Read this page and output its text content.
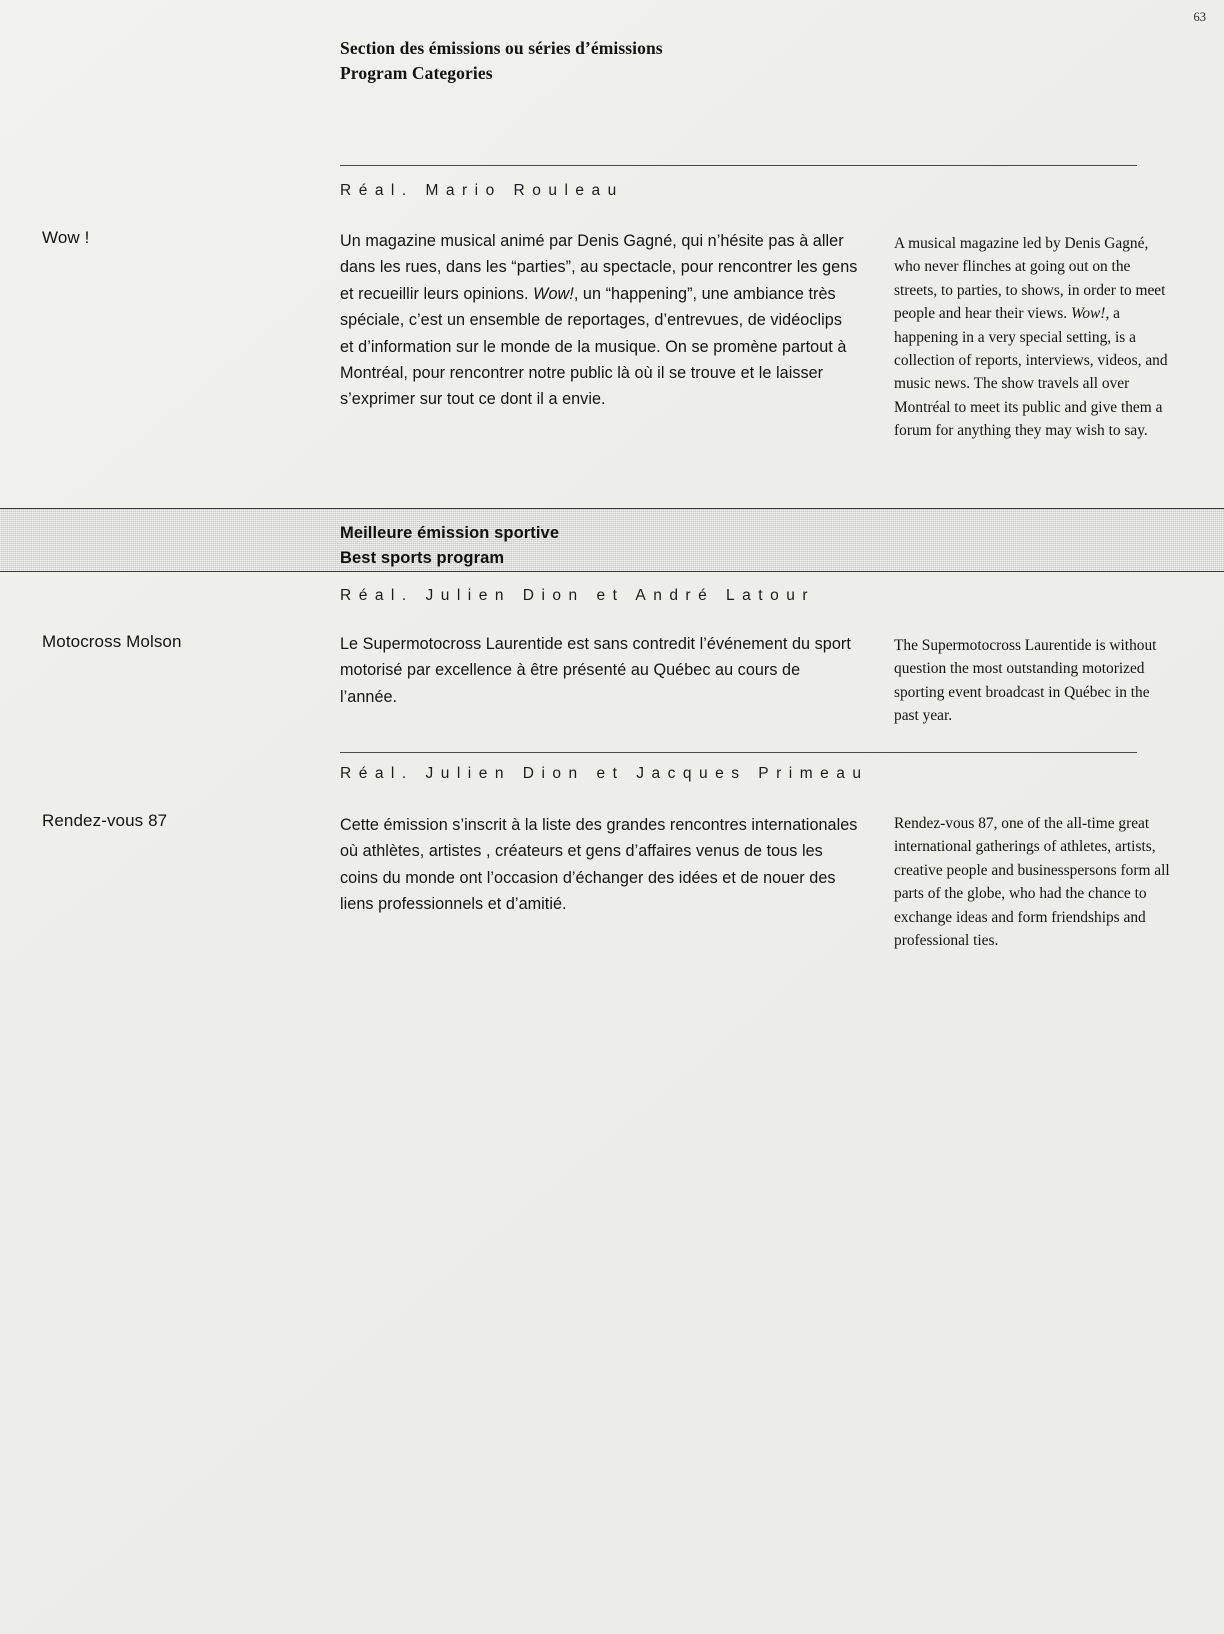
Section des émissions ou séries d’émissions
Program Categories
63
Wow !
Réal. Mario Rouleau
Un magazine musical animé par Denis Gagné, qui n’hésite pas à aller dans les rues, dans les “parties”, au spectacle, pour rencontrer les gens et recueillir leurs opinions. Wow!, un “happening”, une ambiance très spéciale, c’est un ensemble de reportages, d’entrevues, de vidéoclips et d’information sur le monde de la musique. On se promène partout à Montréal, pour rencontrer notre public là où il se trouve et le laisser s’exprimer sur tout ce dont il a envie.
A musical magazine led by Denis Gagné, who never flinches at going out on the streets, to parties, to shows, in order to meet people and hear their views. Wow!, a happening in a very special setting, is a collection of reports, interviews, videos, and music news. The show travels all over Montréal to meet its public and give them a forum for anything they may wish to say.
Meilleure émission sportive
Best sports program
Réal. Julien Dion et André Latour
Motocross Molson	Le Supermotocross Laurentide est sans contredit l’événement du sport motorisé par excellence à être présenté au Québec au cours de l’année.
The Supermotocross Laurentide is without question the most outstanding motorized sporting event broadcast in Québec in the past year.
Réal. Julien Dion et Jacques Primeau
Rendez-vous 87	Cette émission s’inscrit à la liste des grandes rencontres internationales où athlètes, artistes , créateurs et gens d’affaires venus de tous les coins du monde ont l’occasion d’échanger des idées et de nouer des liens professionnels et d’amitié.
Rendez-vous 87, one of the all-time great international gatherings of athletes, artists, creative people and businesspersons form all parts of the globe, who had the chance to exchange ideas and form friendships and professional ties.
